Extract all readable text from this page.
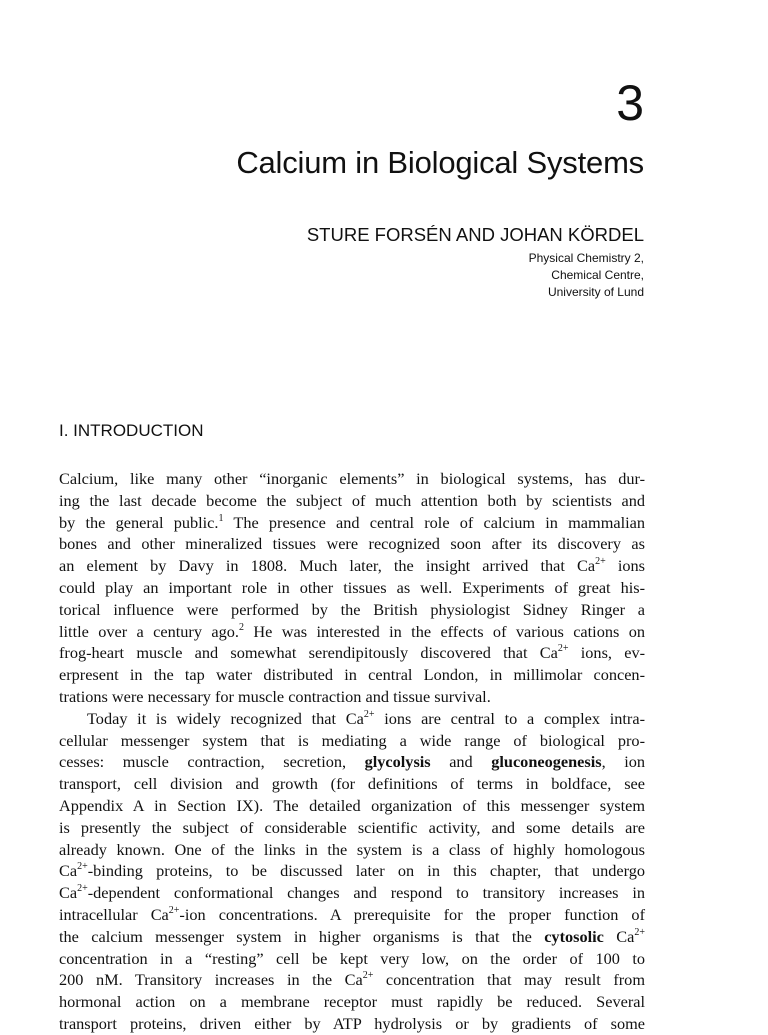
3
Calcium in Biological Systems
STURE FORSÉN AND JOHAN KÖRDEL
Physical Chemistry 2,
Chemical Centre,
University of Lund
I. INTRODUCTION
Calcium, like many other “inorganic elements” in biological systems, has dur-
ing the last decade become the subject of much attention both by scientists and
by the general public.$^1$ The presence and central role of calcium in mammalian
bones and other mineralized tissues were recognized soon after its discovery as
an element by Davy in 1808. Much later, the insight arrived that $Ca^{2+}$ ions
could play an important role in other tissues as well. Experiments of great his-
torical influence were performed by the British physiologist Sidney Ringer a
little over a century ago.$^2$ He was interested in the effects of various cations on
frog-heart muscle and somewhat serendipitously discovered that $Ca^{2+}$ ions, ev-
erpresent in the tap water distributed in central London, in millimolar concen-
trations were necessary for muscle contraction and tissue survival.
Today it is widely recognized that $Ca^{2+}$ ions are central to a complex intra-
cellular messenger system that is mediating a wide range of biological pro-
cesses: muscle contraction, secretion, glycolysis and gluconeogenesis, ion
transport, cell division and growth (for definitions of terms in boldface, see
Appendix A in Section IX). The detailed organization of this messenger system
is presently the subject of considerable scientific activity, and some details are
already known. One of the links in the system is a class of highly homologous
$Ca^{2+}$-binding proteins, to be discussed later on in this chapter, that undergo
$Ca^{2+}$-dependent conformational changes and respond to transitory increases in
intracellular $Ca^{2+}$-ion concentrations. A prerequisite for the proper function of
the calcium messenger system in higher organisms is that the cytosolic $Ca^{2+}$
concentration in a “resting” cell be kept very low, on the order of 100 to
200 nM. Transitory increases in the $Ca^{2+}$ concentration that may result from
hormonal action on a membrane receptor must rapidly be reduced. Several
transport proteins, driven either by ATP hydrolysis or by gradients of some
